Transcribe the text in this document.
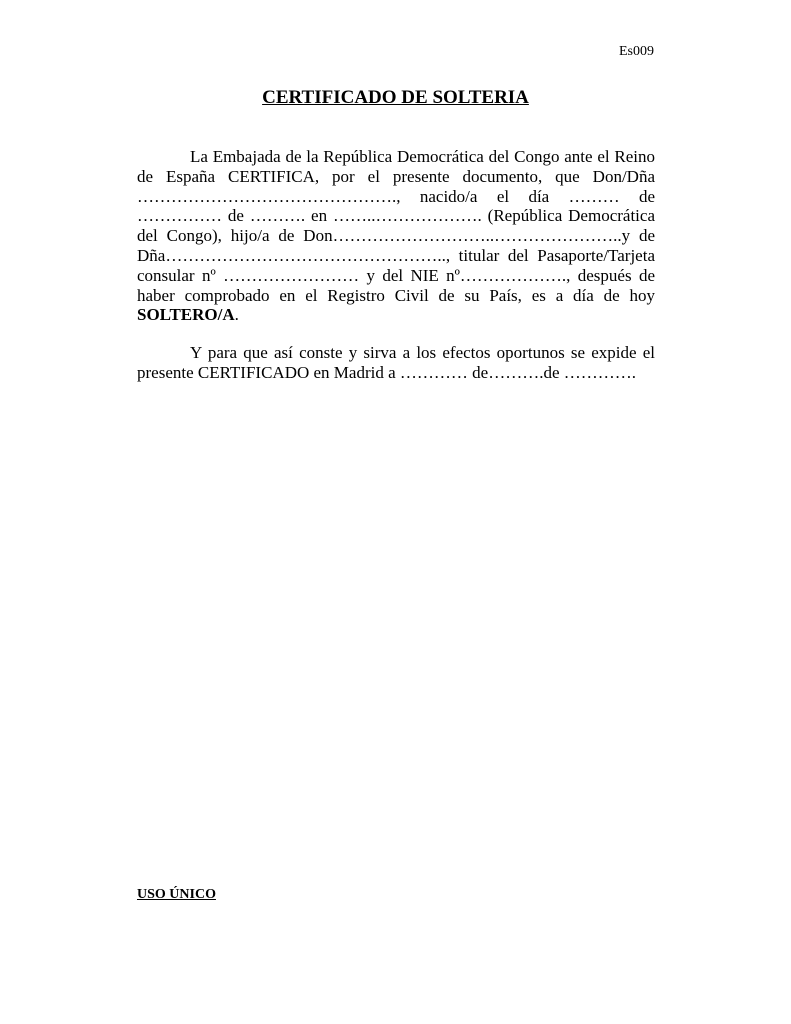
Es009
CERTIFICADO DE SOLTERIA
La Embajada de la República Democrática del Congo ante el Reino
de España CERTIFICA, por el presente documento, que Don/Dña
………………………………………., nacido/a el día ……… de
…………… de ………. en ……..………………. (República Democrática
del Congo), hijo/a de Don………………………..…………………..y de
Dña………………………………………….., titular del Pasaporte/Tarjeta
consular nº …………………… y del NIE nº………………., después de
haber comprobado en el Registro Civil de su País, es a día de hoy
SOLTERO/A.
Y para que así conste y sirva a los efectos oportunos se expide el
presente CERTIFICADO en Madrid a ………… de……….de ………….
USO ÚNICO
